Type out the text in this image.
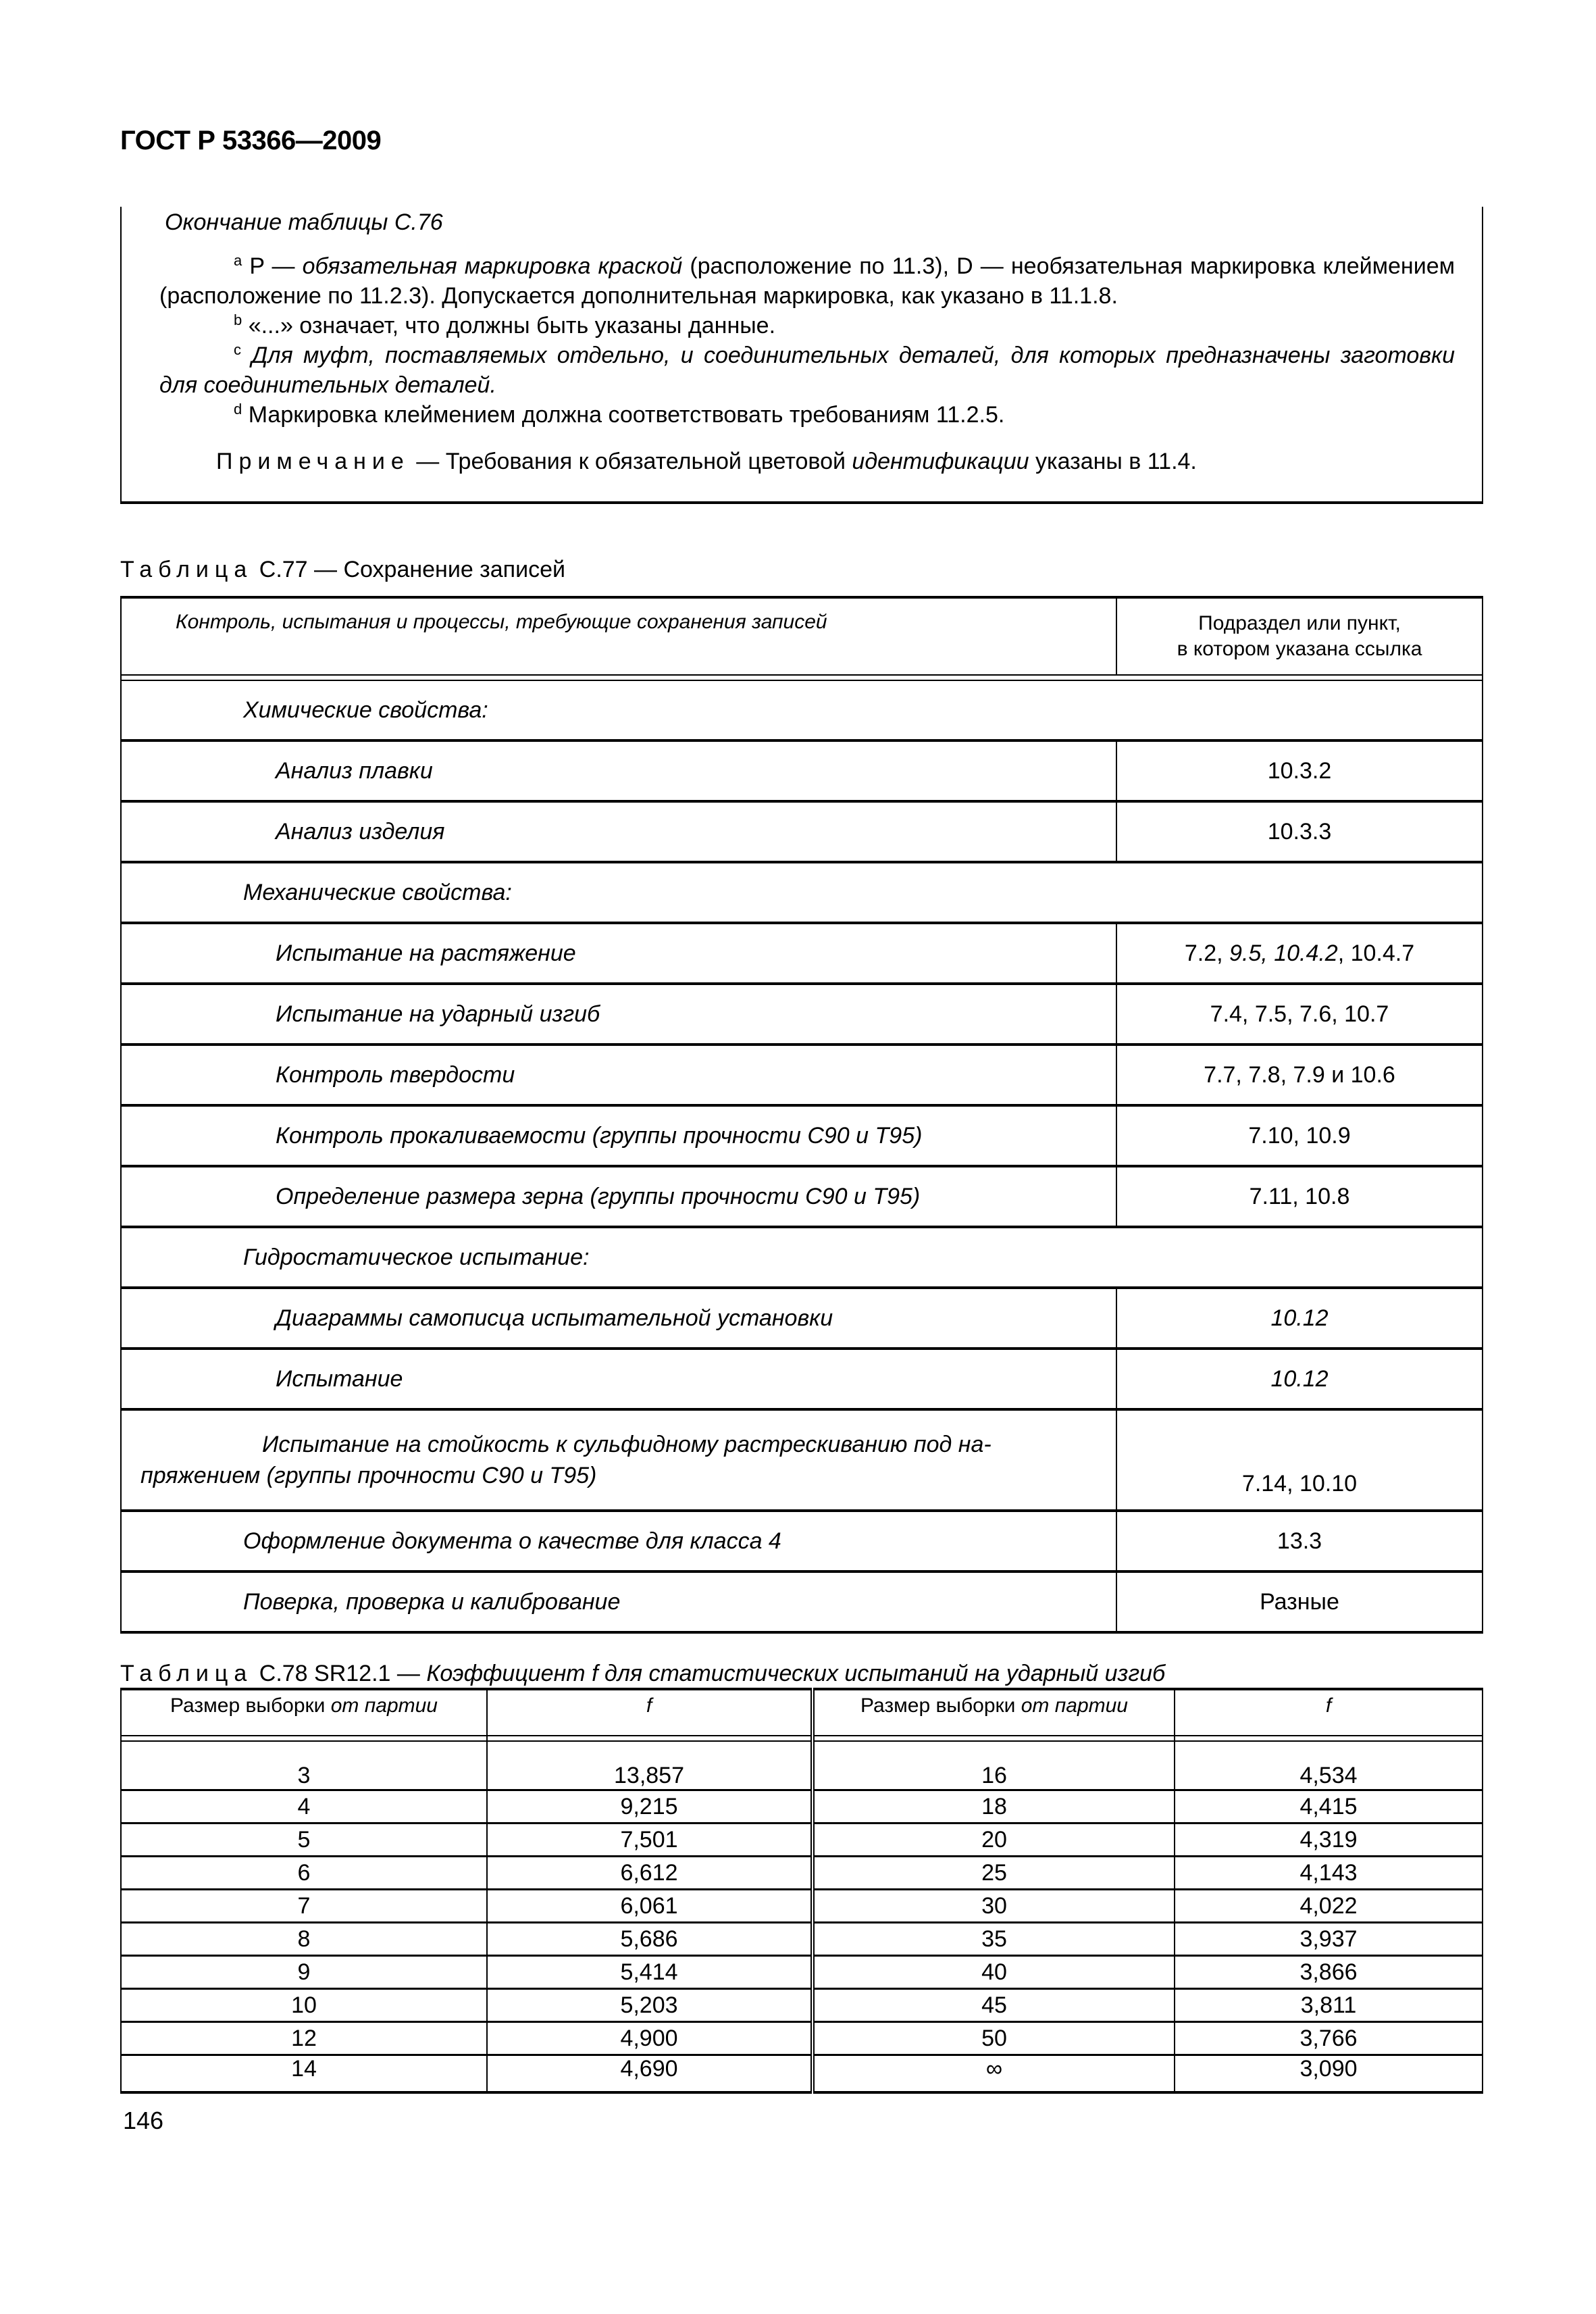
ГОСТ Р 53366—2009
Окончание таблицы С.76
$^a$ P — обязательная маркировка краской (расположение по 11.3), D — необязательная маркировка клеймением (расположение по 11.2.3). Допускается дополнительная маркировка, как указано в 11.1.8.
$^b$ «...» означает, что должны быть указаны данные.
$^c$ Для муфт, поставляемых отдельно, и соединительных деталей, для которых предназначены заготовки для соединительных деталей.
$^d$ Маркировка клеймением должна соответствовать требованиям 11.2.5.
Примечание — Требования к обязательной цветовой идентификации указаны в 11.4.
Таблица С.77 — Сохранение записей
Контроль, испытания и процессы, требующие сохранения записей	Подраздел или пункт,
в котором указана ссылка

Химические свойства:	
Анализ плавки	10.3.2
Анализ изделия	10.3.3
Механические свойства:	
Испытание на растяжение	7.2, 9.5, 10.4.2, 10.4.7
Испытание на ударный изгиб	7.4, 7.5, 7.6, 10.7
Контроль твердости	7.7, 7.8, 7.9 и 10.6
Контроль прокаливаемости (группы прочности С90 и Т95)	7.10, 10.9
Определение размера зерна (группы прочности С90 и Т95)	7.11, 10.8
Гидростатическое испытание:	
Диаграммы самописца испытательной установки	10.12
Испытание	10.12

Испытание на стойкость к сульфидному растрескиванию под на-
пряжением (группы прочности С90 и Т95)	7.14, 10.10
Оформление документа о качестве для класса 4	13.3
Поверка, проверка и калибрование	Разные
Таблица С.78 SR12.1 — Коэффициент f для статистических испытаний на ударный изгиб
Размер выборки от партии	f	Размер выборки от партии	f

3	13,857	16	4,534
4	9,215	18	4,415
5	7,501	20	4,319
6	6,612	25	4,143
7	6,061	30	4,022
8	5,686	35	3,937
9	5,414	40	3,866
10	5,203	45	3,811
12	4,900	50	3,766
14	4,690	∞	3,090
146
